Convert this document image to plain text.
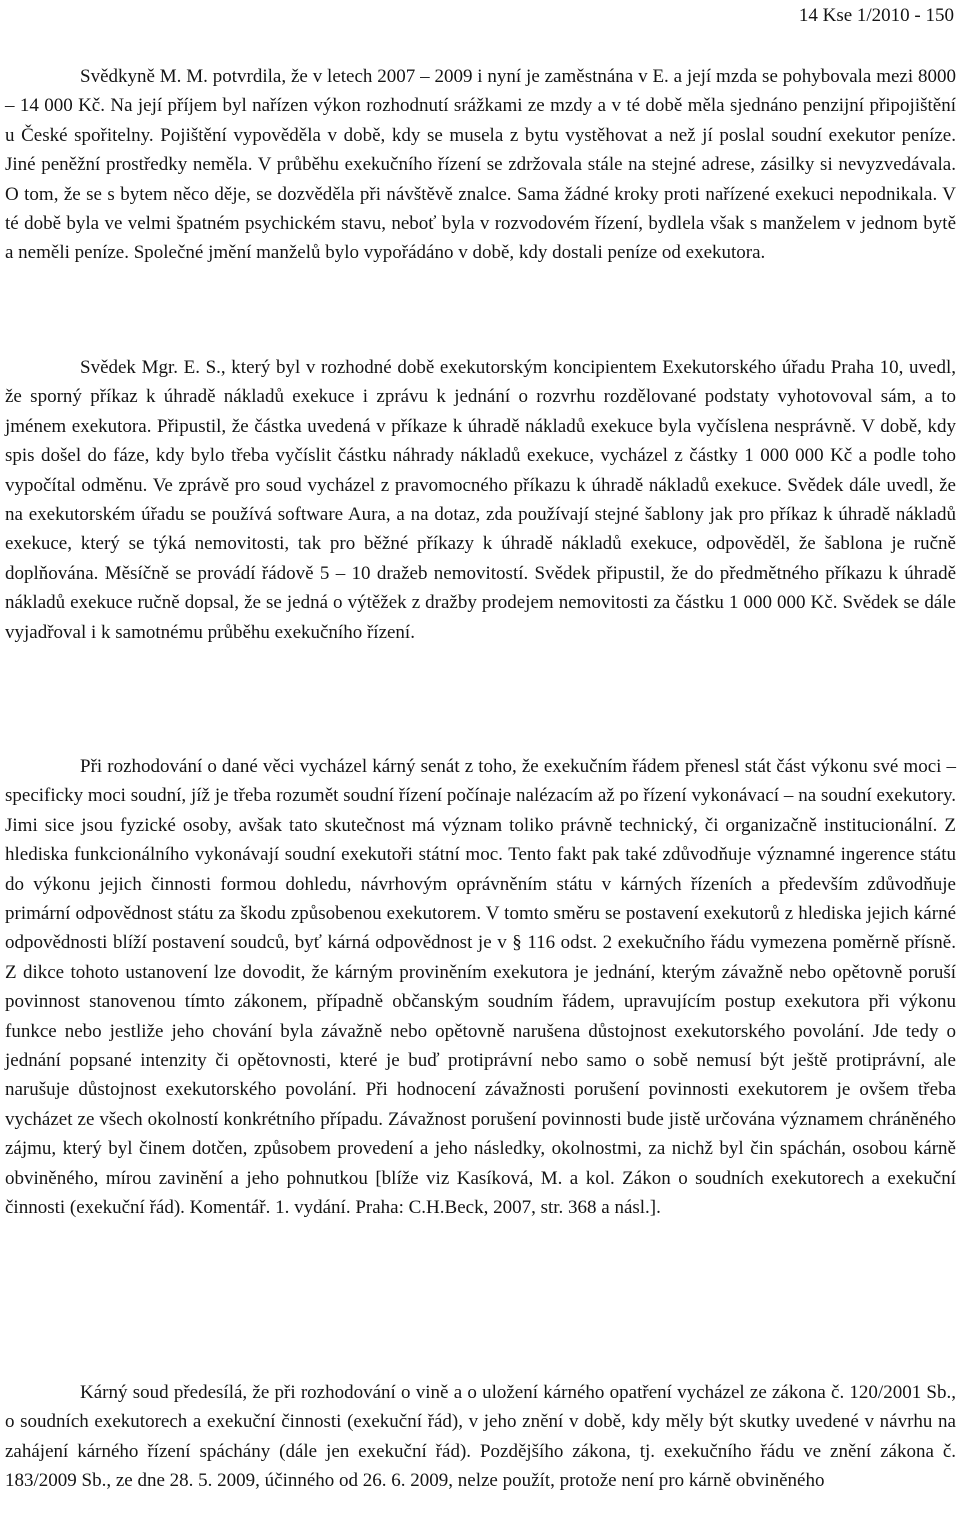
14 Kse 1/2010 - 150

Svědkyně M. M. potvrdila, že v letech 2007 – 2009 i nyní je zaměstnána v E. a její mzda se pohybovala mezi 8000 – 14 000 Kč. Na její příjem byl nařízen výkon rozhodnutí srážkami ze mzdy a v té době měla sjednáno penzijní připojištění u České spořitelny. Pojištění vypověděla v době, kdy se musela z bytu vystěhovat a než jí poslal soudní exekutor peníze. Jiné peněžní prostředky neměla. V průběhu exekučního řízení se zdržovala stále na stejné adrese, zásilky si nevyzvedávala. O tom, že se s bytem něco děje, se dozvěděla při návštěvě znalce. Sama žádné kroky proti nařízené exekuci nepodnikala. V té době byla ve velmi špatném psychickém stavu, neboť byla v rozvodovém řízení, bydlela však s manželem v jednom bytě a neměli peníze. Společné jmění manželů bylo vypořádáno v době, kdy dostali peníze od exekutora.

Svědek Mgr. E. S., který byl v rozhodné době exekutorským koncipientem Exekutorského úřadu Praha 10, uvedl, že sporný příkaz k úhradě nákladů exekuce i zprávu k jednání o rozvrhu rozdělované podstaty vyhotovoval sám, a to jménem exekutora. Připustil, že částka uvedená v příkaze k úhradě nákladů exekuce byla vyčíslena nesprávně. V době, kdy spis došel do fáze, kdy bylo třeba vyčíslit částku náhrady nákladů exekuce, vycházel z částky 1 000 000 Kč a podle toho vypočítal odměnu. Ve zprávě pro soud vycházel z pravomocného příkazu k úhradě nákladů exekuce. Svědek dále uvedl, že na exekutorském úřadu se používá software Aura, a na dotaz, zda používají stejné šablony jak pro příkaz k úhradě nákladů exekuce, který se týká nemovitosti, tak pro běžné příkazy k úhradě nákladů exekuce, odpověděl, že šablona je ručně doplňována. Měsíčně se provádí řádově 5 – 10 dražeb nemovitostí. Svědek připustil, že do předmětného příkazu k úhradě nákladů exekuce ručně dopsal, že se jedná o výtěžek z dražby prodejem nemovitosti za částku 1 000 000 Kč. Svědek se dále vyjadřoval i k samotnému průběhu exekučního řízení.

Při rozhodování o dané věci vycházel kárný senát z toho, že exekučním řádem přenesl stát část výkonu své moci – specificky moci soudní, jíž je třeba rozumět soudní řízení počínaje nalézacím až po řízení vykonávací – na soudní exekutory. Jimi sice jsou fyzické osoby, avšak tato skutečnost má význam toliko právně technický, či organizačně institucionální. Z hlediska funkcionálního vykonávají soudní exekutoři státní moc. Tento fakt pak také zdůvodňuje významné ingerence státu do výkonu jejich činnosti formou dohledu, návrhovým oprávněním státu v kárných řízeních a především zdůvodňuje primární odpovědnost státu za škodu způsobenou exekutorem. V tomto směru se postavení exekutorů z hlediska jejich kárné odpovědnosti blíží postavení soudců, byť kárná odpovědnost je v § 116 odst. 2 exekučního řádu vymezena poměrně přísně. Z dikce tohoto ustanovení lze dovodit, že kárným proviněním exekutora je jednání, kterým závažně nebo opětovně poruší povinnost stanovenou tímto zákonem, případně občanským soudním řádem, upravujícím postup exekutora při výkonu funkce nebo jestliže jeho chování byla závažně nebo opětovně narušena důstojnost exekutorského povolání. Jde tedy o jednání popsané intenzity či opětovnosti, které je buď protiprávní nebo samo o sobě nemusí být ještě protiprávní, ale narušuje důstojnost exekutorského povolání. Při hodnocení závažnosti porušení povinnosti exekutorem je ovšem třeba vycházet ze všech okolností konkrétního případu. Závažnost porušení povinnosti bude jistě určována významem chráněného zájmu, který byl činem dotčen, způsobem provedení a jeho následky, okolnostmi, za nichž byl čin spáchán, osobou kárně obviněného, mírou zavinění a jeho pohnutkou [blíže viz Kasíková, M. a kol. Zákon o soudních exekutorech a exekuční činnosti (exekuční řád). Komentář. 1. vydání. Praha: C.H.Beck, 2007, str. 368 a násl.].

Kárný soud předesílá, že při rozhodování o vině a o uložení kárného opatření vycházel ze zákona č. 120/2001 Sb., o soudních exekutorech a exekuční činnosti (exekuční řád), v jeho znění v době, kdy měly být skutky uvedené v návrhu na zahájení kárného řízení spáchány (dále jen exekuční řád). Pozdějšího zákona, tj. exekučního řádu ve znění zákona č. 183/2009 Sb., ze dne 28. 5. 2009, účinného od 26. 6. 2009, nelze použít, protože není pro kárně obviněného
